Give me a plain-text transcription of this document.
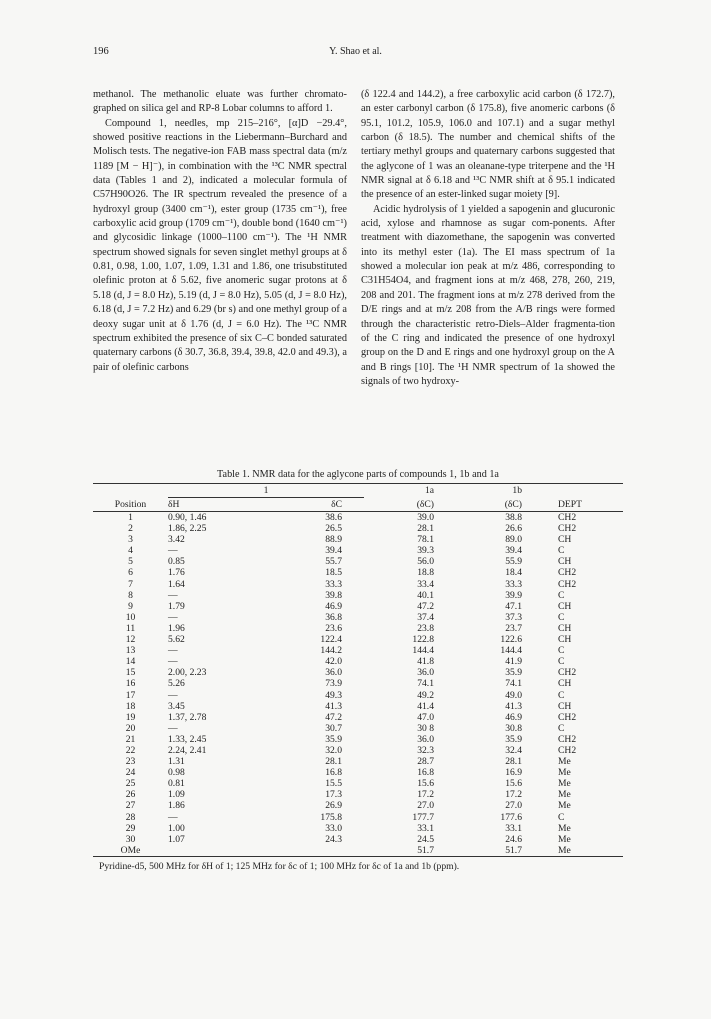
196	Y. Shao et al.

methanol. The methanolic eluate was further chromato-graphed on silica gel and RP-8 Lobar columns to afford 1.

Compound 1, needles, mp 215–216°, [α]D −29.4°, showed positive reactions in the Liebermann–Burchard and Molisch tests. The negative-ion FAB mass spectral data (m/z 1189 [M − H]⁻), in combination with the ¹³C NMR spectral data (Tables 1 and 2), indicated a molecular formula of C57H90O26. The IR spectrum revealed the presence of a hydroxyl group (3400 cm⁻¹), ester group (1735 cm⁻¹), free carboxylic acid group (1709 cm⁻¹), double bond (1640 cm⁻¹) and glycosidic linkage (1000–1100 cm⁻¹). The ¹H NMR spectrum showed signals for seven singlet methyl groups at δ 0.81, 0.98, 1.00, 1.07, 1.09, 1.31 and 1.86, one trisubstituted olefinic proton at δ 5.62, five anomeric sugar protons at δ 5.18 (d, J = 8.0 Hz), 5.19 (d, J = 8.0 Hz), 5.05 (d, J = 8.0 Hz), 6.18 (d, J = 7.2 Hz) and 6.29 (br s) and one methyl group of a deoxy sugar unit at δ 1.76 (d, J = 6.0 Hz). The ¹³C NMR spectrum exhibited the presence of six C–C bonded saturated quaternary carbons (δ 30.7, 36.8, 39.4, 39.8, 42.0 and 49.3), a pair of olefinic carbons

(δ 122.4 and 144.2), a free carboxylic acid carbon (δ 172.7), an ester carbonyl carbon (δ 175.8), five anomeric carbons (δ 95.1, 101.2, 105.9, 106.0 and 107.1) and a sugar methyl carbon (δ 18.5). The number and chemical shifts of the tertiary methyl groups and quaternary carbons suggested that the aglycone of 1 was an oleanane-type triterpene and the ¹H NMR signal at δ 6.18 and ¹³C NMR shift at δ 95.1 indicated the presence of an ester-linked sugar moiety [9].

Acidic hydrolysis of 1 yielded a sapogenin and glucuronic acid, xylose and rhamnose as sugar com-ponents. After treatment with diazomethane, the sapogenin was converted into its methyl ester (1a). The EI mass spectrum of 1a showed a molecular ion peak at m/z 486, corresponding to C31H54O4, and fragment ions at m/z 468, 278, 260, 219, 208 and 201. The fragment ions at m/z 278 derived from the D/E rings and at m/z 208 from the A/B rings were formed through the characteristic retro-Diels–Alder fragmenta-tion of the C ring and indicated the presence of one hydroxyl group on the D and E rings and one hydroxyl group on the A and B rings [10]. The ¹H NMR spectrum of 1a showed the signals of two hydroxy-

Table 1. NMR data for the aglycone parts of compounds 1, 1b and 1a

	1		1a	1b	
Position	δH	δC	(δC)	(δC)	DEPT
1	0.90, 1.46	38.6	39.0	38.8	CH2
2	1.86, 2.25	26.5	28.1	26.6	CH2
3	3.42	88.9	78.1	89.0	CH
4	—	39.4	39.3	39.4	C
5	0.85	55.7	56.0	55.9	CH
6	1.76	18.5	18.8	18.4	CH2
7	1.64	33.3	33.4	33.3	CH2
8	—	39.8	40.1	39.9	C
9	1.79	46.9	47.2	47.1	CH
10	—	36.8	37.4	37.3	C
11	1.96	23.6	23.8	23.7	CH
12	5.62	122.4	122.8	122.6	CH
13	—	144.2	144.4	144.4	C
14	—	42.0	41.8	41.9	C
15	2.00, 2.23	36.0	36.0	35.9	CH2
16	5.26	73.9	74.1	74.1	CH
17	—	49.3	49.2	49.0	C
18	3.45	41.3	41.4	41.3	CH
19	1.37, 2.78	47.2	47.0	46.9	CH2
20	—	30.7	30 8	30.8	C
21	1.33, 2.45	35.9	36.0	35.9	CH2
22	2.24, 2.41	32.0	32.3	32.4	CH2
23	1.31	28.1	28.7	28.1	Me
24	0.98	16.8	16.8	16.9	Me
25	0.81	15.5	15.6	15.6	Me
26	1.09	17.3	17.2	17.2	Me
27	1.86	26.9	27.0	27.0	Me
28	—	175.8	177.7	177.6	C
29	1.00	33.0	33.1	33.1	Me
30	1.07	24.3	24.5	24.6	Me
OMe			51.7	51.7	Me
Pyridine-d5, 500 MHz for δH of 1; 125 MHz for δc of 1; 100 MHz for δc of 1a and 1b (ppm).
